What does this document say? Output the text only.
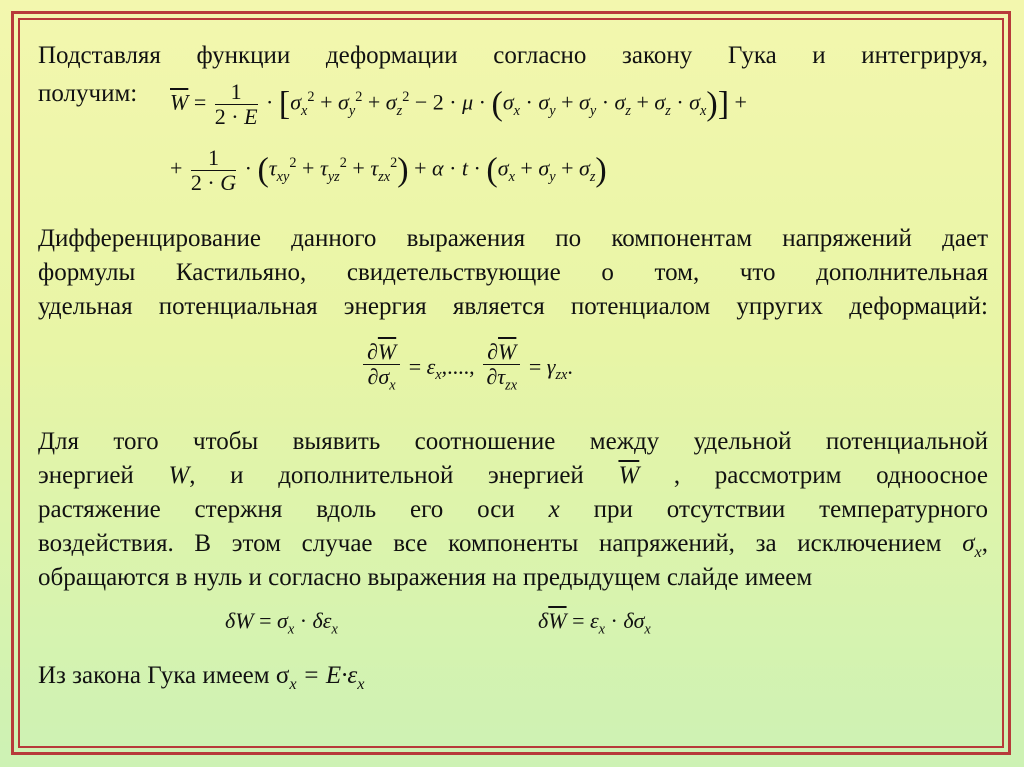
Подставляя функции деформации согласно закону Гука и интегрируя,
получим: $\overline{W} = \frac{1}{2 \cdot E} \cdot [\sigma_x^2 + \sigma_y^2 + \sigma_z^2 - 2 \cdot \mu \cdot (\sigma_x \cdot \sigma_y + \sigma_y \cdot \sigma_z + \sigma_z \cdot \sigma_x)]$ +
+ $\frac{1}{2 \cdot G} \cdot (\tau_{xy}^2 + \tau_{yz}^2 + \tau_{zx}^2) + \alpha \cdot t \cdot (\sigma_x + \sigma_y + \sigma_z)$
Дифференцирование данного выражения по компонентам напряжений дает
формулы Кастильяно, свидетельствующие о том, что дополнительная
удельная потенциальная энергия является потенциалом упругих деформаций:
$\frac{\partial\overline{W}}{\partial\sigma_x} = \varepsilon_x$,...., $\frac{\partial\overline{W}}{\partial\tau_{zx}} = \gamma_{zx}$.
Для того чтобы выявить соотношение между удельной потенциальной
энергией W, и дополнительной энергией $\overline{W}$ , рассмотрим одноосное
растяжение стержня вдоль его оси x при отсутствии температурного
воздействия. В этом случае все компоненты напряжений, за исключением $\sigma_x$,
обращаются в нуль и согласно выражения на предыдущем слайде имеем
$\delta W = \sigma_x \cdot \delta\varepsilon_x$	$\delta\overline{W} = \varepsilon_x \cdot \delta\sigma_x$
Из закона Гука имеем $\sigma_x = E\cdot\varepsilon_x$
